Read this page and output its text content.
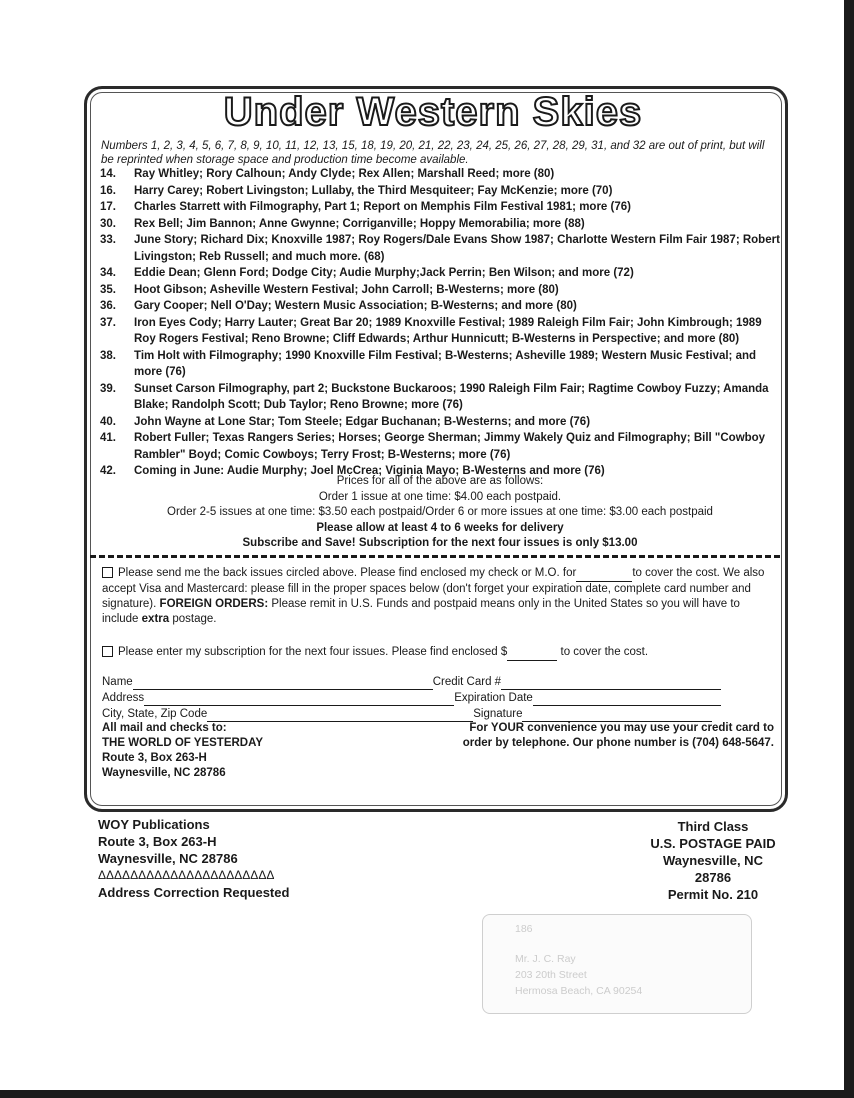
Under Western Skies
Numbers 1, 2, 3, 4, 5, 6, 7, 8, 9, 10, 11, 12, 13, 15, 18, 19, 20, 21, 22, 23, 24, 25, 26, 27, 28, 29, 31, and 32 are out of print, but will be reprinted when storage space and production time become available.
14.	Ray Whitley; Rory Calhoun; Andy Clyde; Rex Allen; Marshall Reed; more (80)
16.	Harry Carey; Robert Livingston; Lullaby, the Third Mesquiteer; Fay McKenzie; more (70)
17.	Charles Starrett with Filmography, Part 1; Report on Memphis Film Festival 1981; more (76)
30.	Rex Bell; Jim Bannon; Anne Gwynne; Corriganville; Hoppy Memorabilia; more (88)
33.	June Story; Richard Dix; Knoxville 1987; Roy Rogers/Dale Evans Show 1987; Charlotte Western Film Fair 1987; Robert Livingston; Reb Russell; and much more. (68)
34.	Eddie Dean; Glenn Ford; Dodge City; Audie Murphy;Jack Perrin; Ben Wilson; and more (72)
35.	Hoot Gibson; Asheville Western Festival; John Carroll; B-Westerns; more (80)
36.	Gary Cooper; Nell O'Day; Western Music Association; B-Westerns; and more (80)
37.	Iron Eyes Cody; Harry Lauter; Great Bar 20; 1989 Knoxville Festival; 1989 Raleigh Film Fair; John Kimbrough; 1989 Roy Rogers Festival; Reno Browne; Cliff Edwards; Arthur Hunnicutt; B-Westerns in Perspective; and more (80)
38.	Tim Holt with Filmography; 1990 Knoxville Film Festival; B-Westerns; Asheville 1989; Western Music Festival; and more (76)
39.	Sunset Carson Filmography, part 2; Buckstone Buckaroos; 1990 Raleigh Film Fair; Ragtime Cowboy Fuzzy; Amanda Blake; Randolph Scott; Dub Taylor; Reno Browne; more (76)
40.	John Wayne at Lone Star; Tom Steele; Edgar Buchanan; B-Westerns; and more (76)
41.	Robert Fuller; Texas Rangers Series; Horses; George Sherman; Jimmy Wakely Quiz and Filmography; Bill "Cowboy Rambler" Boyd; Comic Cowboys; Terry Frost; B-Westerns; more (76)
42.	Coming in June: Audie Murphy; Joel McCrea; Viginia Mayo; B-Westerns and more (76)
Prices for all of the above are as follows:
Order 1 issue at one time: $4.00 each postpaid.
Order 2-5 issues at one time: $3.50 each postpaid/Order 6 or more issues at one time: $3.00 each postpaid
Please allow at least 4 to 6 weeks for delivery
Subscribe and Save! Subscription for the next four issues is only $13.00
Please send me the back issues circled above. Please find enclosed my check or M.O. for	to cover the cost. We also accept Visa and Mastercard: please fill in the proper spaces below (don't forget your expiration date, complete card number and signature). FOREIGN ORDERS: Please remit in U.S. Funds and postpaid means only in the United States so you will have to include extra postage.
Please enter my subscription for the next four issues. Please find enclosed $	to cover the cost.
Name	Credit Card #
Address	Expiration Date
City, State, Zip Code	Signature
All mail and checks to:
THE WORLD OF YESTERDAY
Route 3, Box 263-H
Waynesville, NC 28786
For YOUR convenience you may use your credit card to order by telephone. Our phone number is (704) 648-5647.
WOY Publications
Route 3, Box 263-H
Waynesville, NC 28786
ΔΔΔΔΔΔΔΔΔΔΔΔΔΔΔΔΔΔΔΔΔΔ
Address Correction Requested
Third Class
U.S. POSTAGE PAID
Waynesville, NC
28786
Permit No. 210
186
Mr. J. C. Ray
203 20th Street
Hermosa Beach, CA 90254
